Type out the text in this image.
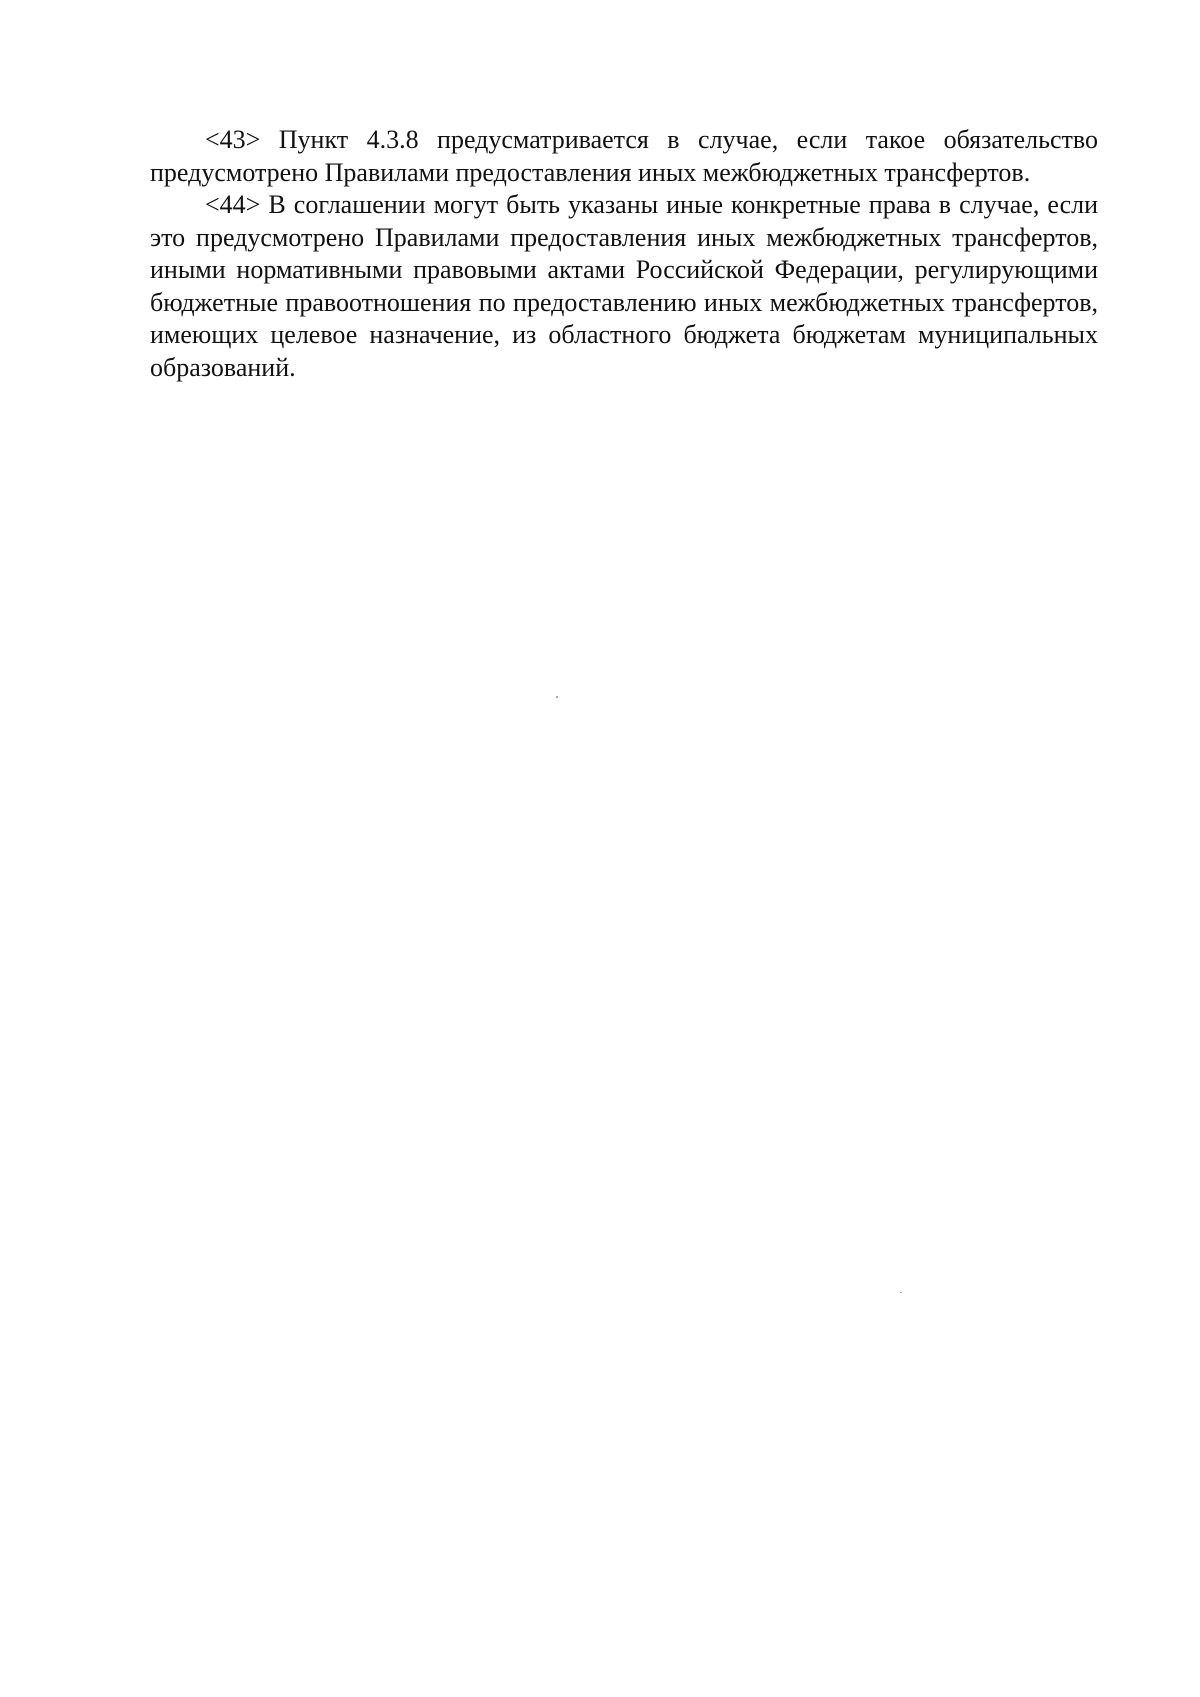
<43> Пункт 4.3.8 предусматривается в случае, если такое обязательство предусмотрено Правилами предоставления иных межбюджетных трансфертов.

<44> В соглашении могут быть указаны иные конкретные права в случае, если это предусмотрено Правилами предоставления иных межбюджетных трансфертов, иными нормативными правовыми актами Российской Федерации, регулирующими бюджетные правоотношения по предоставлению иных межбюджетных трансфертов, имеющих целевое назначение, из областного бюджета бюджетам муниципальных образований.
